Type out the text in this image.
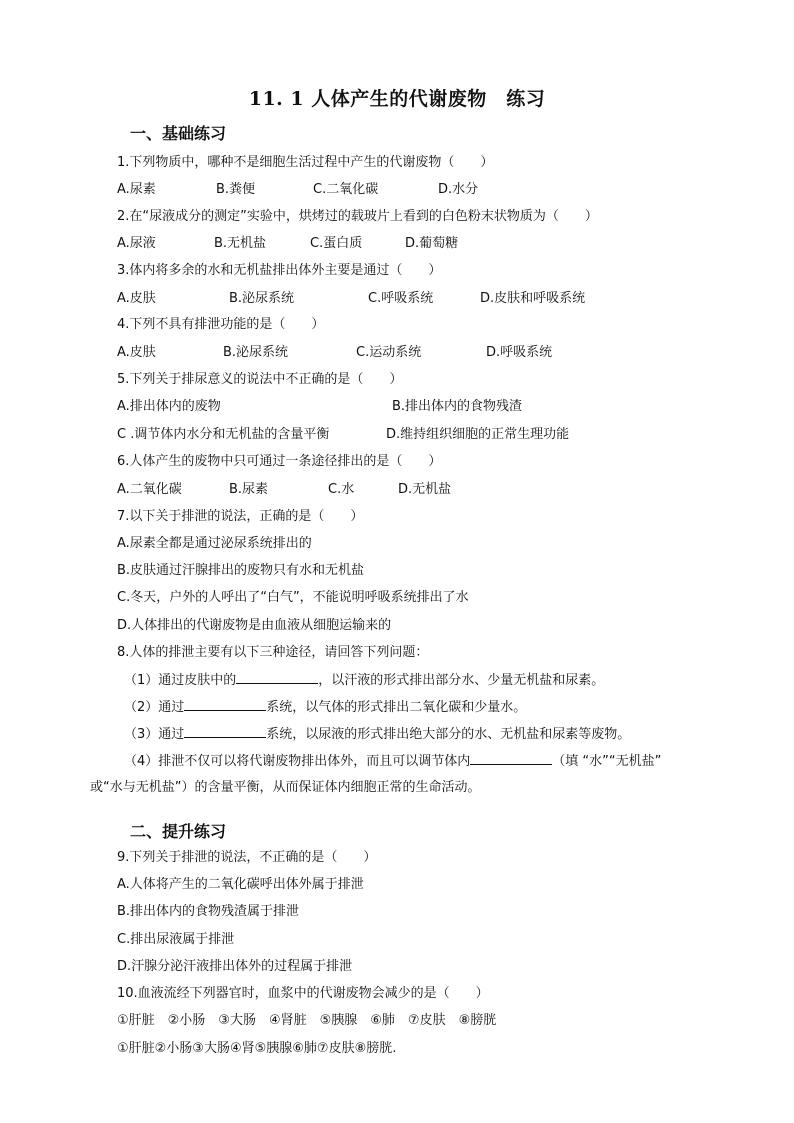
11. 1 人体产生的代谢废物　练习
一、基础练习
1.下列物质中，哪种不是细胞生活过程中产生的代谢废物（　　）
A.尿素	B.粪便	C.二氧化碳	D.水分
2.在“尿液成分的测定”实验中，烘烤过的载玻片上看到的白色粉末状物质为（　　）
A.尿液	B.无机盐	C.蛋白质	D.葡萄糖
3.体内将多余的水和无机盐排出体外主要是通过（　　）
A.皮肤	B.泌尿系统	C.呼吸系统	D.皮肤和呼吸系统
4.下列不具有排泄功能的是（　　）
A.皮肤	B.泌尿系统	C.运动系统	D.呼吸系统
5.下列关于排尿意义的说法中不正确的是（　　）
A.排出体内的废物	B.排出体内的食物残渣
C .调节体内水分和无机盐的含量平衡	D.维持组织细胞的正常生理功能
6.人体产生的废物中只可通过一条途径排出的是（　　）
A.二氧化碳	B.尿素	C.水	D.无机盐
7.以下关于排泄的说法，正确的是（　　）
A.尿素全都是通过泌尿系统排出的
B.皮肤通过汗腺排出的废物只有水和无机盐
C.冬天，户外的人呼出了“白气”，不能说明呼吸系统排出了水
D.人体排出的代谢废物是由血液从细胞运输来的
8.人体的排泄主要有以下三种途径，请回答下列问题：
（1）通过皮肤中的	，以汗液的形式排出部分水、少量无机盐和尿素。
（2）通过	系统，以气体的形式排出二氧化碳和少量水。
（3）通过	系统，以尿液的形式排出绝大部分的水、无机盐和尿素等废物。
（4）排泄不仅可以将代谢废物排出体外，而且可以调节体内	（填 “水”“无机盐”
或“水与无机盐”）的含量平衡，从而保证体内细胞正常的生命活动。
二、提升练习
9.下列关于排泄的说法，不正确的是（　　）
A.人体将产生的二氧化碳呼出体外属于排泄
B.排出体内的食物残渣属于排泄
C.排出尿液属于排泄
D.汗腺分泌汗液排出体外的过程属于排泄
10.血液流经下列器官时，血浆中的代谢废物会减少的是（　　）
①肝脏　②小肠　③大肠　④肾脏　⑤胰腺　⑥肺　⑦皮肤　⑧膀胱
①肝脏②小肠③大肠④肾⑤胰腺⑥肺⑦皮肤⑧膀胱.
